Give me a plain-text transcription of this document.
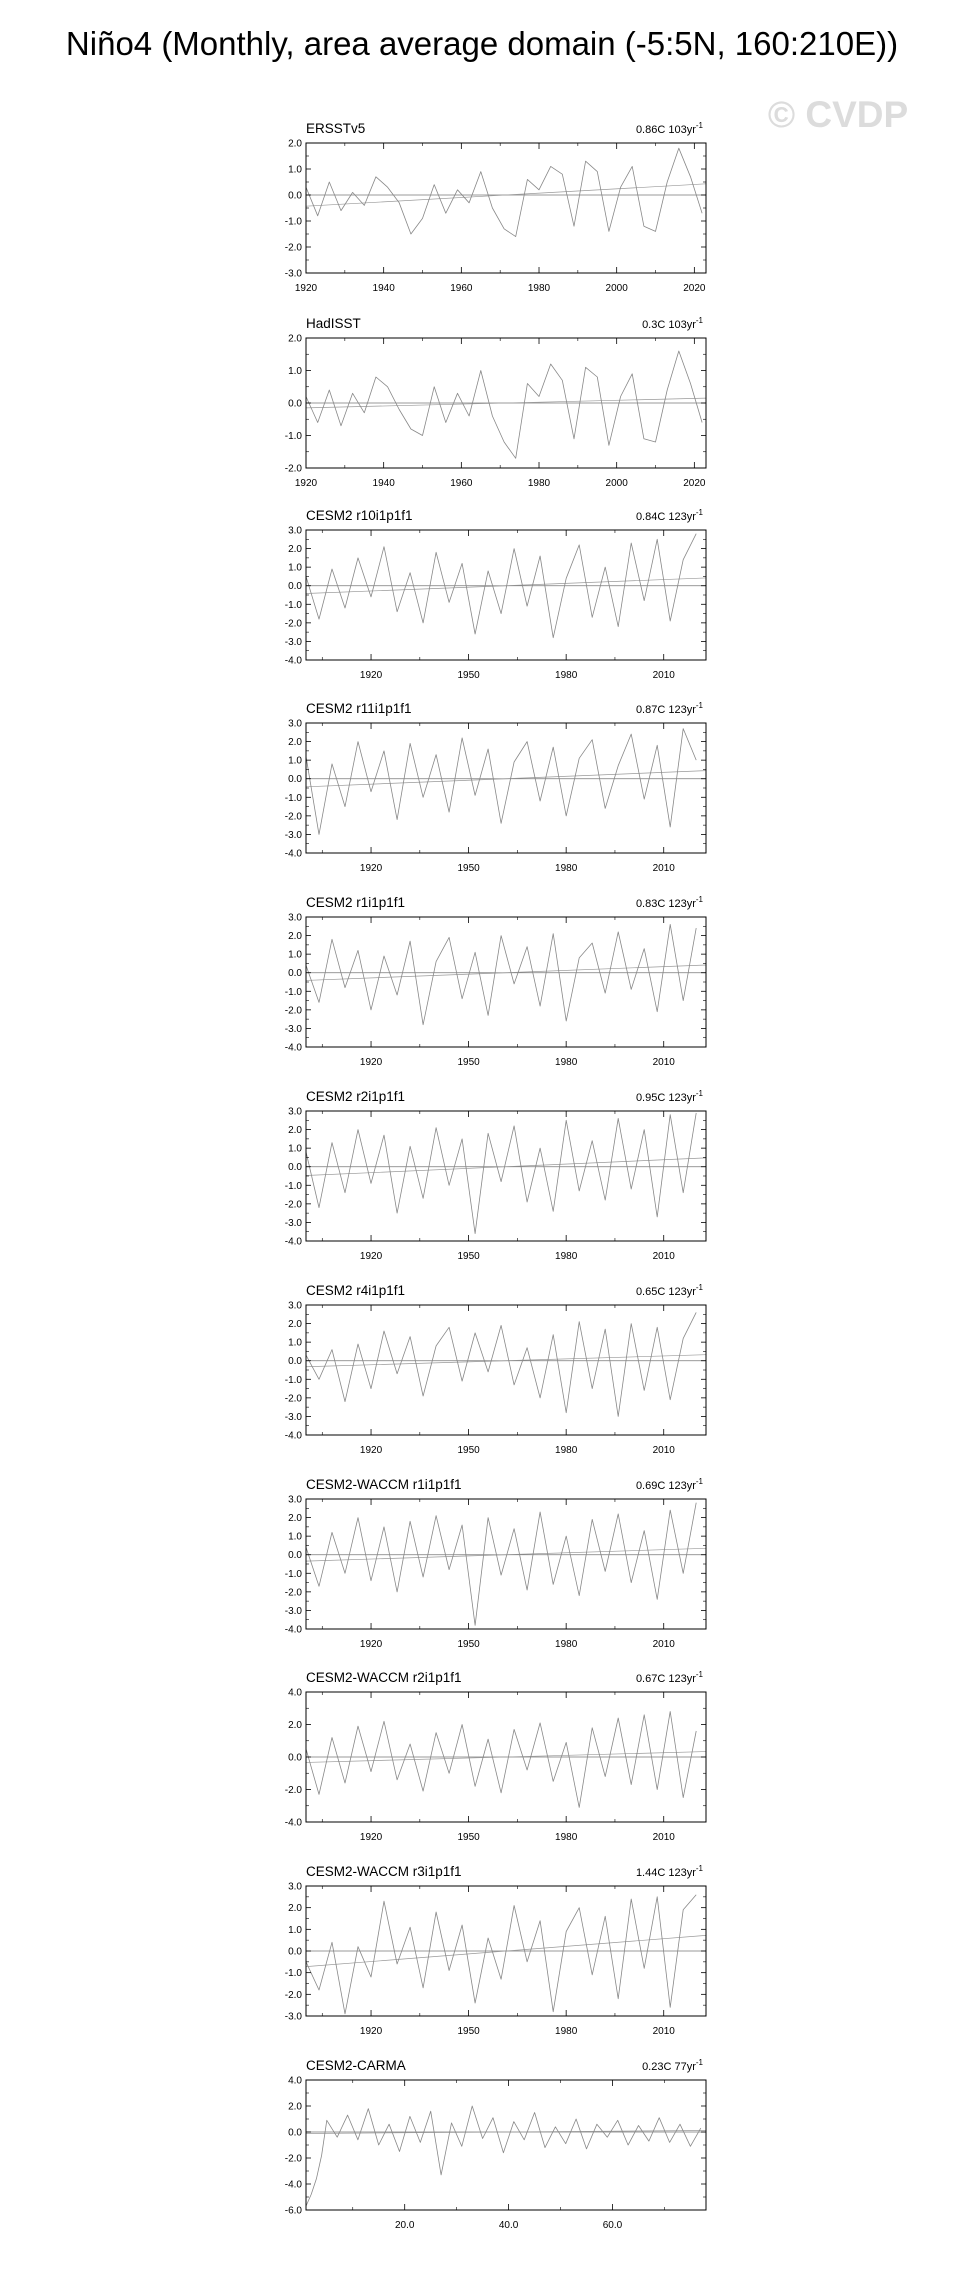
Niño4 (Monthly, area average domain (-5:5N, 160:210E))
© CVDP
ERSSTv5	0.86C $103yr^{-1}$
-3.0
-2.0
-1.0
0.0
1.0
2.0
1920	1940	1960	1980	2000	2020
HadISST	0.3C $103yr^{-1}$
-2.0
-1.0
0.0
1.0
2.0
1920	1940	1960	1980	2000	2020
CESM2 r10i1p1f1	0.84C $123yr^{-1}$
-4.0
-3.0
-2.0
-1.0
0.0
1.0
2.0
3.0
1920	1950	1980	2010
CESM2 r11i1p1f1	0.87C $123yr^{-1}$
-4.0
-3.0
-2.0
-1.0
0.0
1.0
2.0
3.0
1920	1950	1980	2010
CESM2 r1i1p1f1	0.83C $123yr^{-1}$
-4.0
-3.0
-2.0
-1.0
0.0
1.0
2.0
3.0
1920	1950	1980	2010
CESM2 r2i1p1f1	0.95C $123yr^{-1}$
-4.0
-3.0
-2.0
-1.0
0.0
1.0
2.0
3.0
1920	1950	1980	2010
CESM2 r4i1p1f1	0.65C $123yr^{-1}$
-4.0
-3.0
-2.0
-1.0
0.0
1.0
2.0
3.0
1920	1950	1980	2010
CESM2-WACCM r1i1p1f1	0.69C $123yr^{-1}$
-4.0
-3.0
-2.0
-1.0
0.0
1.0
2.0
3.0
1920	1950	1980	2010
CESM2-WACCM r2i1p1f1	0.67C $123yr^{-1}$
-4.0
-2.0
0.0
2.0
4.0
1920	1950	1980	2010
CESM2-WACCM r3i1p1f1	1.44C $123yr^{-1}$
-3.0
-2.0
-1.0
0.0
1.0
2.0
3.0
1920	1950	1980	2010
CESM2-CARMA	0.23C $77yr^{-1}$
-6.0
-4.0
-2.0
0.0
2.0
4.0
20.0	40.0	60.0
